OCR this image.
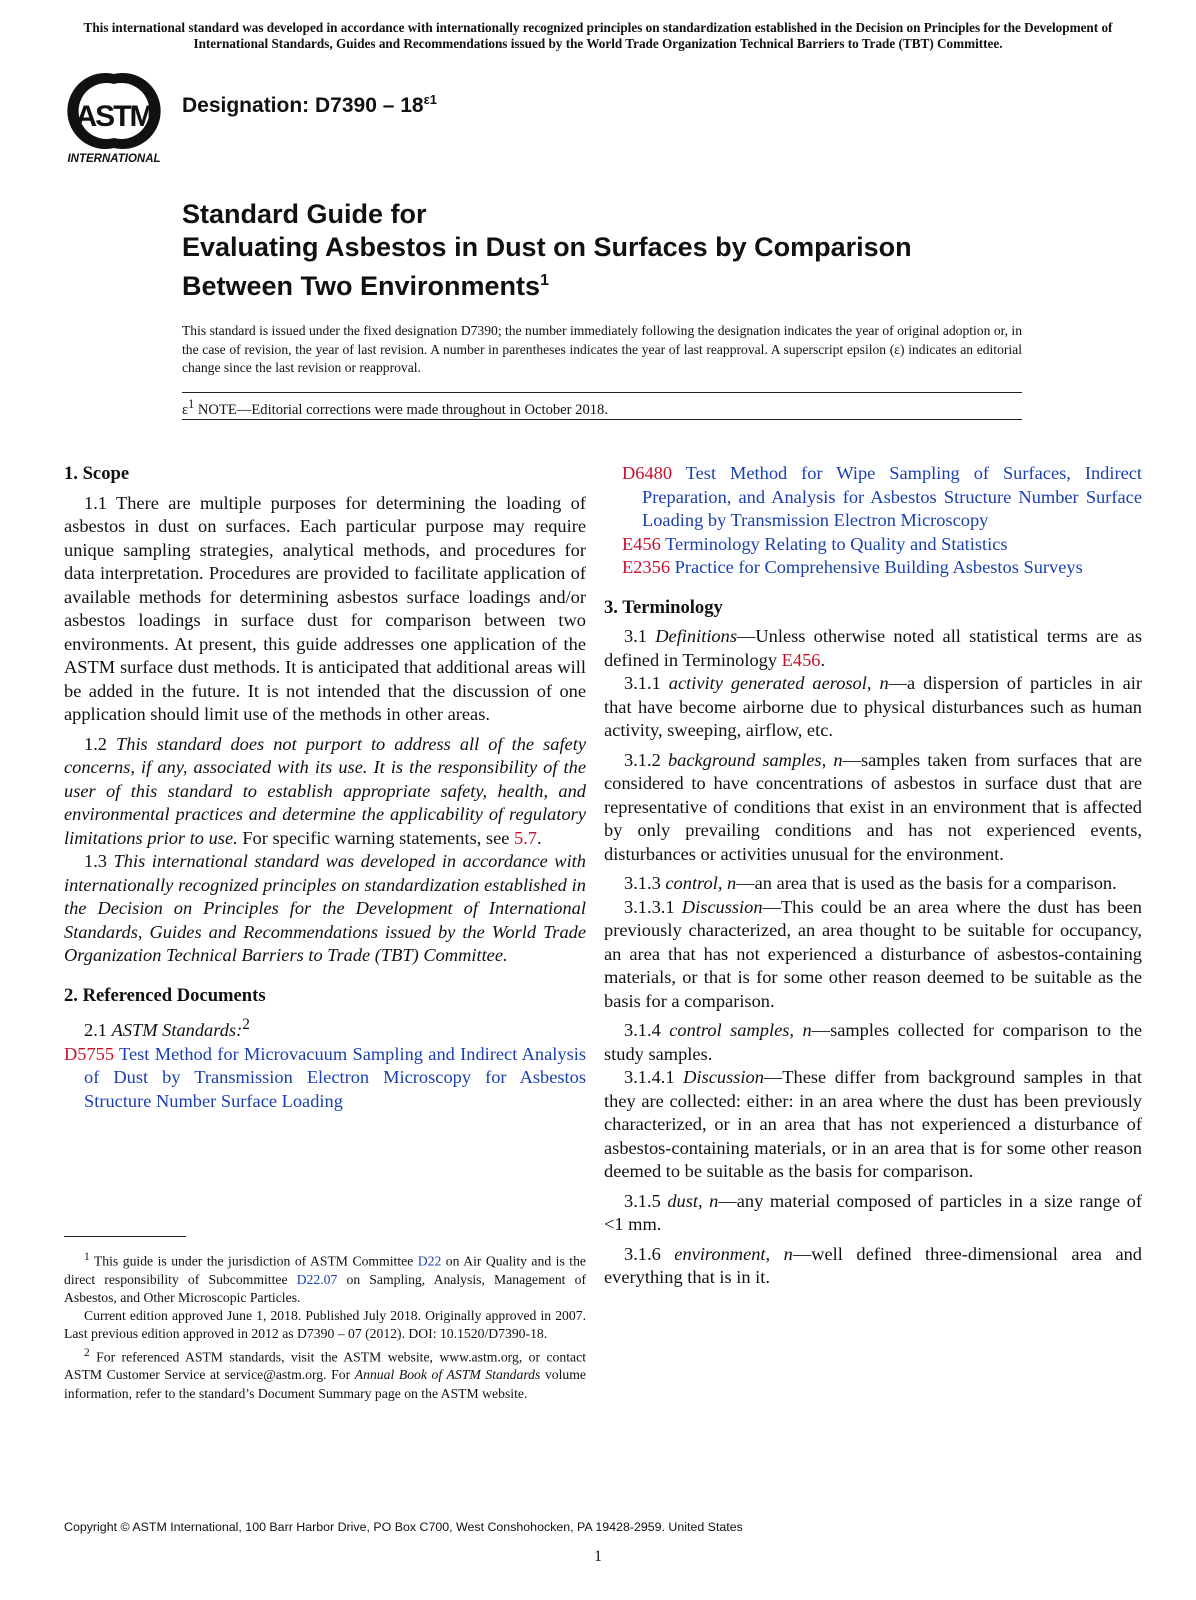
This international standard was developed in accordance with internationally recognized principles on standardization established in the Decision on Principles for the Development of International Standards, Guides and Recommendations issued by the World Trade Organization Technical Barriers to Trade (TBT) Committee.
ASTM
INTERNATIONAL
Designation: $D7390 - 18^{\varepsilon 1}$
Standard Guide for
Evaluating Asbestos in Dust on Surfaces by Comparison
Between Two Environments$^1$
This standard is issued under the fixed designation D7390; the number immediately following the designation indicates the year of original adoption or, in the case of revision, the year of last revision. A number in parentheses indicates the year of last reapproval. A superscript epsilon (ε) indicates an editorial change since the last revision or reapproval.
$\varepsilon^1$ NOTE—Editorial corrections were made throughout in October 2018.
1. Scope

1.1 There are multiple purposes for determining the loading of asbestos in dust on surfaces. Each particular purpose may require unique sampling strategies, analytical methods, and procedures for data interpretation. Procedures are provided to facilitate application of available methods for determining asbestos surface loadings and/or asbestos loadings in surface dust for comparison between two environments. At present, this guide addresses one application of the ASTM surface dust methods. It is anticipated that additional areas will be added in the future. It is not intended that the discussion of one application should limit use of the methods in other areas.

1.2 This standard does not purport to address all of the safety concerns, if any, associated with its use. It is the responsibility of the user of this standard to establish appropriate safety, health, and environmental practices and determine the applicability of regulatory limitations prior to use. For specific warning statements, see 5.7.

1.3 This international standard was developed in accordance with internationally recognized principles on standardization established in the Decision on Principles for the Development of International Standards, Guides and Recommendations issued by the World Trade Organization Technical Barriers to Trade (TBT) Committee.

2. Referenced Documents

2.1 ASTM Standards:$^2$

D5755 Test Method for Microvacuum Sampling and Indirect Analysis of Dust by Transmission Electron Microscopy for Asbestos Structure Number Surface Loading

D6480 Test Method for Wipe Sampling of Surfaces, Indirect Preparation, and Analysis for Asbestos Structure Number Surface Loading by Transmission Electron Microscopy

E456 Terminology Relating to Quality and Statistics

E2356 Practice for Comprehensive Building Asbestos Surveys

3. Terminology

3.1 Definitions—Unless otherwise noted all statistical terms are as defined in Terminology E456.

3.1.1 activity generated aerosol, n—a dispersion of particles in air that have become airborne due to physical disturbances such as human activity, sweeping, airflow, etc.

3.1.2 background samples, n—samples taken from surfaces that are considered to have concentrations of asbestos in surface dust that are representative of conditions that exist in an environment that is affected by only prevailing conditions and has not experienced events, disturbances or activities unusual for the environment.

3.1.3 control, n—an area that is used as the basis for a comparison.

3.1.3.1 Discussion—This could be an area where the dust has been previously characterized, an area thought to be suitable for occupancy, an area that has not experienced a disturbance of asbestos-containing materials, or that is for some other reason deemed to be suitable as the basis for a comparison.

3.1.4 control samples, n—samples collected for comparison to the study samples.

3.1.4.1 Discussion—These differ from background samples in that they are collected: either: in an area where the dust has been previously characterized, or in an area that has not experienced a disturbance of asbestos-containing materials, or in an area that is for some other reason deemed to be suitable as the basis for comparison.

3.1.5 dust, n—any material composed of particles in a size range of <1 mm.

3.1.6 environment, n—well defined three-dimensional area and everything that is in it.

$^1$ This guide is under the jurisdiction of ASTM Committee D22 on Air Quality and is the direct responsibility of Subcommittee D22.07 on Sampling, Analysis, Management of Asbestos, and Other Microscopic Particles.

Current edition approved June 1, 2018. Published July 2018. Originally approved in 2007. Last previous edition approved in 2012 as D7390 – 07 (2012). DOI: 10.1520/D7390-18.

$^2$ For referenced ASTM standards, visit the ASTM website, www.astm.org, or contact ASTM Customer Service at service@astm.org. For Annual Book of ASTM Standards volume information, refer to the standard’s Document Summary page on the ASTM website.

Copyright © ASTM International, 100 Barr Harbor Drive, PO Box C700, West Conshohocken, PA 19428-2959. United States
1
